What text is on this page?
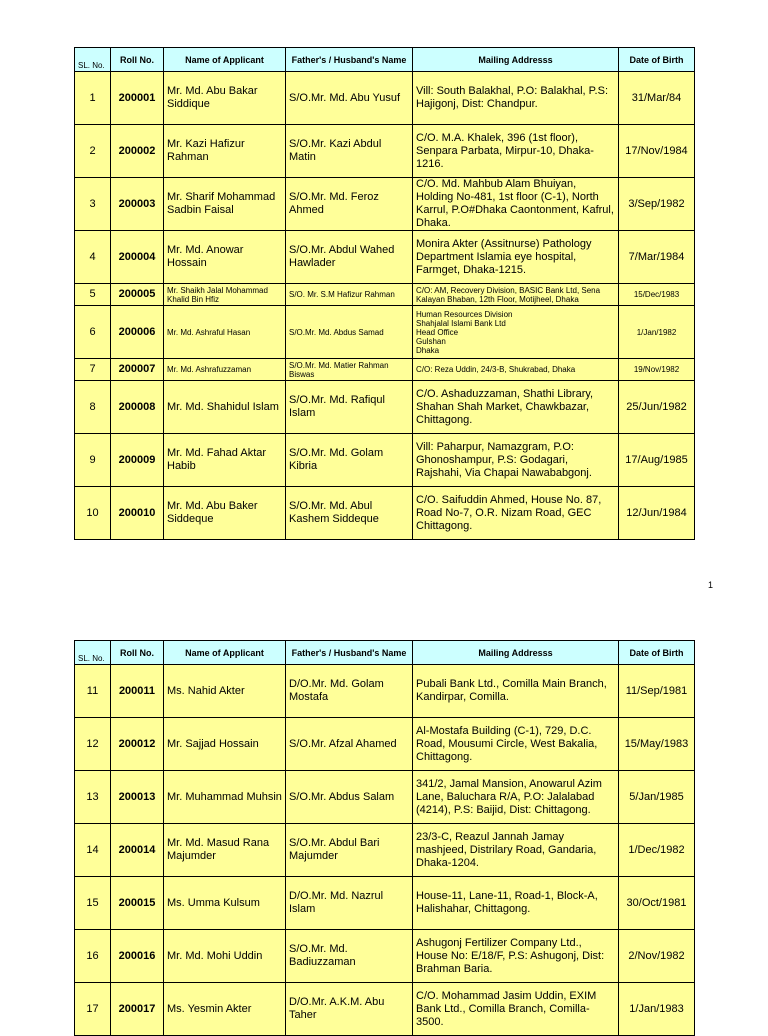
SL. No.	Roll No.	Name of Applicant	Father's / Husband's Name	Mailing Addresss	Date of Birth
1	200001	Mr. Md. Abu Bakar Siddique	S/O.Mr. Md. Abu Yusuf	Vill: South Balakhal, P.O: Balakhal, P.S: Hajigonj, Dist: Chandpur.	31/Mar/84
2	200002	Mr. Kazi Hafizur Rahman	S/O.Mr. Kazi Abdul Matin	C/O. M.A. Khalek, 396 (1st floor), Senpara Parbata, Mirpur-10, Dhaka-1216.	17/Nov/1984
3	200003	Mr. Sharif Mohammad Sadbin Faisal	S/O.Mr. Md. Feroz Ahmed	C/O. Md. Mahbub Alam Bhuiyan, Holding No-481, 1st floor (C-1), North Karrul, P.O#Dhaka Caontonment, Kafrul, Dhaka.	3/Sep/1982
4	200004	Mr. Md. Anowar Hossain	S/O.Mr. Abdul Wahed Hawlader	Monira Akter (Assitnurse) Pathology Department Islamia eye hospital, Farmget, Dhaka-1215.	7/Mar/1984
5	200005	Mr. Shaikh Jalal Mohammad Khalid Bin Hfiz	S/O. Mr. S.M Hafizur Rahman	C/O: AM, Recovery Division, BASIC Bank Ltd, Sena Kalayan Bhaban, 12th Floor, Motijheel, Dhaka	15/Dec/1983
6	200006	Mr. Md. Ashraful Hasan	S/O.Mr. Md. Abdus Samad	Human Resources Division
Shahjalal Islami Bank Ltd
Head Office
Gulshan
Dhaka	1/Jan/1982
7	200007	Mr. Md. Ashrafuzzaman	S/O.Mr. Md. Matier Rahman Biswas	C/O: Reza Uddin, 24/3-B, Shukrabad, Dhaka	19/Nov/1982
8	200008	Mr. Md. Shahidul Islam	S/O.Mr. Md. Rafiqul Islam	C/O. Ashaduzzaman, Shathi Library, Shahan Shah Market, Chawkbazar, Chittagong.	25/Jun/1982
9	200009	Mr. Md. Fahad Aktar Habib	S/O.Mr. Md. Golam Kibria	Vill: Paharpur, Namazgram, P.O: Ghonoshampur, P.S: Godagari, Rajshahi, Via Chapai Nawababgonj.	17/Aug/1985
10	200010	Mr. Md. Abu Baker Siddeque	S/O.Mr. Md. Abul Kashem Siddeque	C/O. Saifuddin Ahmed, House No. 87, Road No-7, O.R. Nizam Road, GEC Chittagong.	12/Jun/1984
1
SL. No.	Roll No.	Name of Applicant	Father's / Husband's Name	Mailing Addresss	Date of Birth
11	200011	Ms. Nahid Akter	D/O.Mr. Md. Golam Mostafa	Pubali Bank Ltd., Comilla Main Branch, Kandirpar, Comilla.	11/Sep/1981
12	200012	Mr. Sajjad Hossain	S/O.Mr. Afzal Ahamed	Al-Mostafa Building (C-1), 729, D.C. Road, Mousumi Circle, West Bakalia, Chittagong.	15/May/1983
13	200013	Mr. Muhammad Muhsin	S/O.Mr. Abdus Salam	341/2, Jamal Mansion, Anowarul Azim Lane, Baluchara R/A, P.O: Jalalabad (4214), P.S: Baijid, Dist: Chittagong.	5/Jan/1985
14	200014	Mr. Md. Masud Rana Majumder	S/O.Mr. Abdul Bari Majumder	23/3-C, Reazul Jannah Jamay mashjeed, Distrilary Road, Gandaria, Dhaka-1204.	1/Dec/1982
15	200015	Ms. Umma Kulsum	D/O.Mr. Md. Nazrul Islam	House-11, Lane-11, Road-1, Block-A, Halishahar, Chittagong.	30/Oct/1981
16	200016	Mr. Md. Mohi Uddin	S/O.Mr. Md. Badiuzzaman	Ashugonj Fertilizer Company Ltd., House No: E/18/F, P.S: Ashugonj, Dist: Brahman Baria.	2/Nov/1982
17	200017	Ms. Yesmin Akter	D/O.Mr. A.K.M. Abu Taher	C/O. Mohammad Jasim Uddin, EXIM Bank Ltd., Comilla Branch, Comilla-3500.	1/Jan/1983
